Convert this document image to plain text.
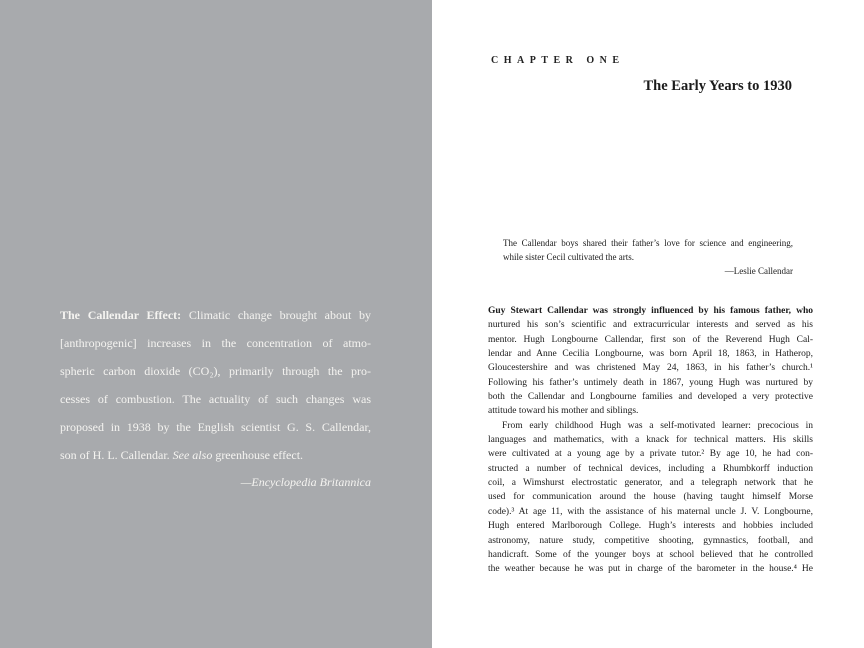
The Callendar Effect: Climatic change brought about by
[anthropogenic] increases in the concentration of atmo-
spheric carbon dioxide (CO₂), primarily through the pro-
cesses of combustion. The actuality of such changes was
proposed in 1938 by the English scientist G. S. Callendar,
son of H. L. Callendar. See also greenhouse effect.
—Encyclopedia Britannica
CHAPTER ONE
The Early Years to 1930
The Callendar boys shared their father’s love for science and engineering,
while sister Cecil cultivated the arts.
—Leslie Callendar
Guy Stewart Callendar was strongly influenced by his famous father, who
nurtured his son’s scientific and extracurricular interests and served as his
mentor. Hugh Longbourne Callendar, first son of the Reverend Hugh Cal-
lendar and Anne Cecilia Longbourne, was born April 18, 1863, in Hatherop,
Gloucestershire and was christened May 24, 1863, in his father’s church.¹
Following his father’s untimely death in 1867, young Hugh was nurtured by
both the Callendar and Longbourne families and developed a very protective
attitude toward his mother and siblings.
From early childhood Hugh was a self-motivated learner: precocious in
languages and mathematics, with a knack for technical matters. His skills
were cultivated at a young age by a private tutor.² By age 10, he had con-
structed a number of technical devices, including a Rhumbkorff induction
coil, a Wimshurst electrostatic generator, and a telegraph network that he
used for communication around the house (having taught himself Morse
code).³ At age 11, with the assistance of his maternal uncle J. V. Longbourne,
Hugh entered Marlborough College. Hugh’s interests and hobbies included
astronomy, nature study, competitive shooting, gymnastics, football, and
handicraft. Some of the younger boys at school believed that he controlled
the weather because he was put in charge of the barometer in the house.⁴ He
